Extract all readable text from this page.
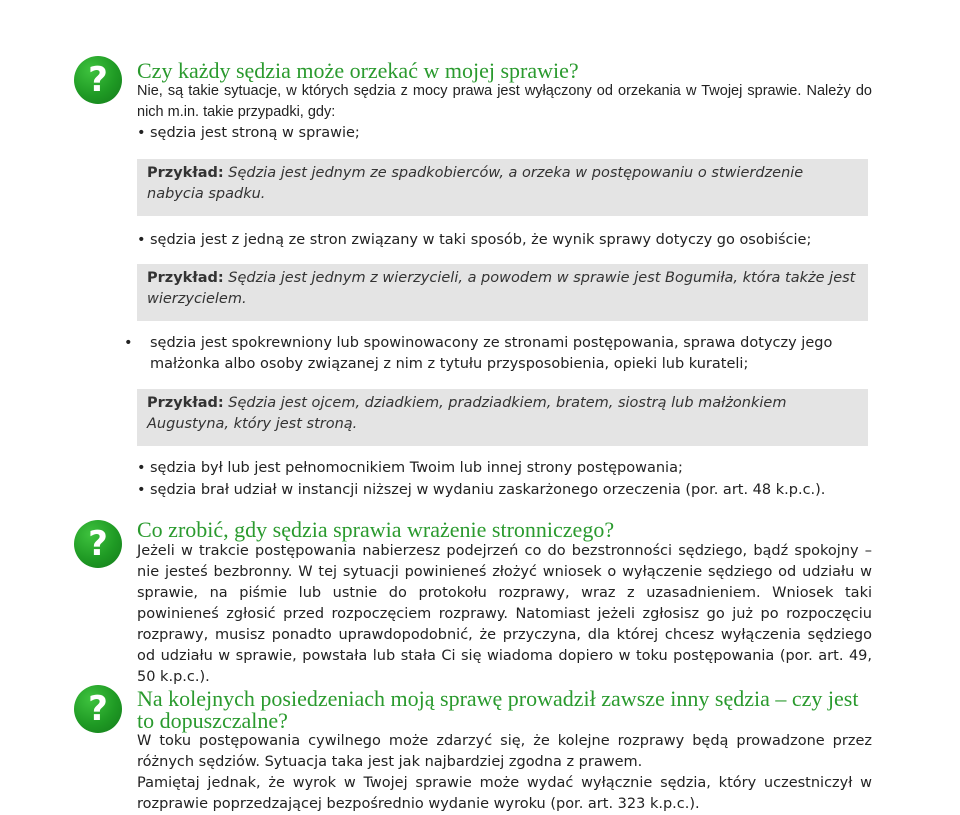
?	Czy każdy sędzia może orzekać w mojej sprawie?
Nie, są takie sytuacje, w których sędzia z mocy prawa jest wyłączony od orzekania w Twojej sprawie. Należy do nich m.in. takie przypadki, gdy:
• sędzia jest stroną w sprawie;
Przykład: Sędzia jest jednym ze spadkobierców, a orzeka w postępowaniu o stwierdzenie nabycia spadku.
• sędzia jest z jedną ze stron związany w taki sposób, że wynik sprawy dotyczy go osobiście;
Przykład: Sędzia jest jednym z wierzycieli, a powodem w sprawie jest Bogumiła, która także jest wierzycielem.
• sędzia jest spokrewniony lub spowinowacony ze stronami postępowania, sprawa dotyczy jego małżonka albo osoby związanej z nim z tytułu przysposobienia, opieki lub kurateli;
Przykład: Sędzia jest ojcem, dziadkiem, pradziadkiem, bratem, siostrą lub małżonkiem Augustyna, który jest stroną.
• sędzia był lub jest pełnomocnikiem Twoim lub innej strony postępowania;
• sędzia brał udział w instancji niższej w wydaniu zaskarżonego orzeczenia (por. art. 48 k.p.c.).
?	Co zrobić, gdy sędzia sprawia wrażenie stronniczego?
Jeżeli w trakcie postępowania nabierzesz podejrzeń co do bezstronności sędziego, bądź spokojny – nie jesteś bezbronny. W tej sytuacji powinieneś złożyć wniosek o wyłączenie sędziego od udziału w sprawie, na piśmie lub ustnie do protokołu rozprawy, wraz z uzasadnieniem. Wniosek taki powinieneś zgłosić przed rozpoczęciem rozprawy. Natomiast jeżeli zgłosisz go już po rozpoczęciu rozprawy, musisz ponadto uprawdopodobnić, że przyczyna, dla której chcesz wyłączenia sędziego od udziału w sprawie, powstała lub stała Ci się wiadoma dopiero w toku postępowania (por. art. 49, 50 k.p.c.).
?	Na kolejnych posiedzeniach moją sprawę prowadził zawsze inny sędzia – czy jest to dopuszczalne?
W toku postępowania cywilnego może zdarzyć się, że kolejne rozprawy będą prowadzone przez różnych sędziów. Sytuacja taka jest jak najbardziej zgodna z prawem.
Pamiętaj jednak, że wyrok w Twojej sprawie może wydać wyłącznie sędzia, który uczestniczył w rozprawie poprzedzającej bezpośrednio wydanie wyroku (por. art. 323 k.p.c.).
